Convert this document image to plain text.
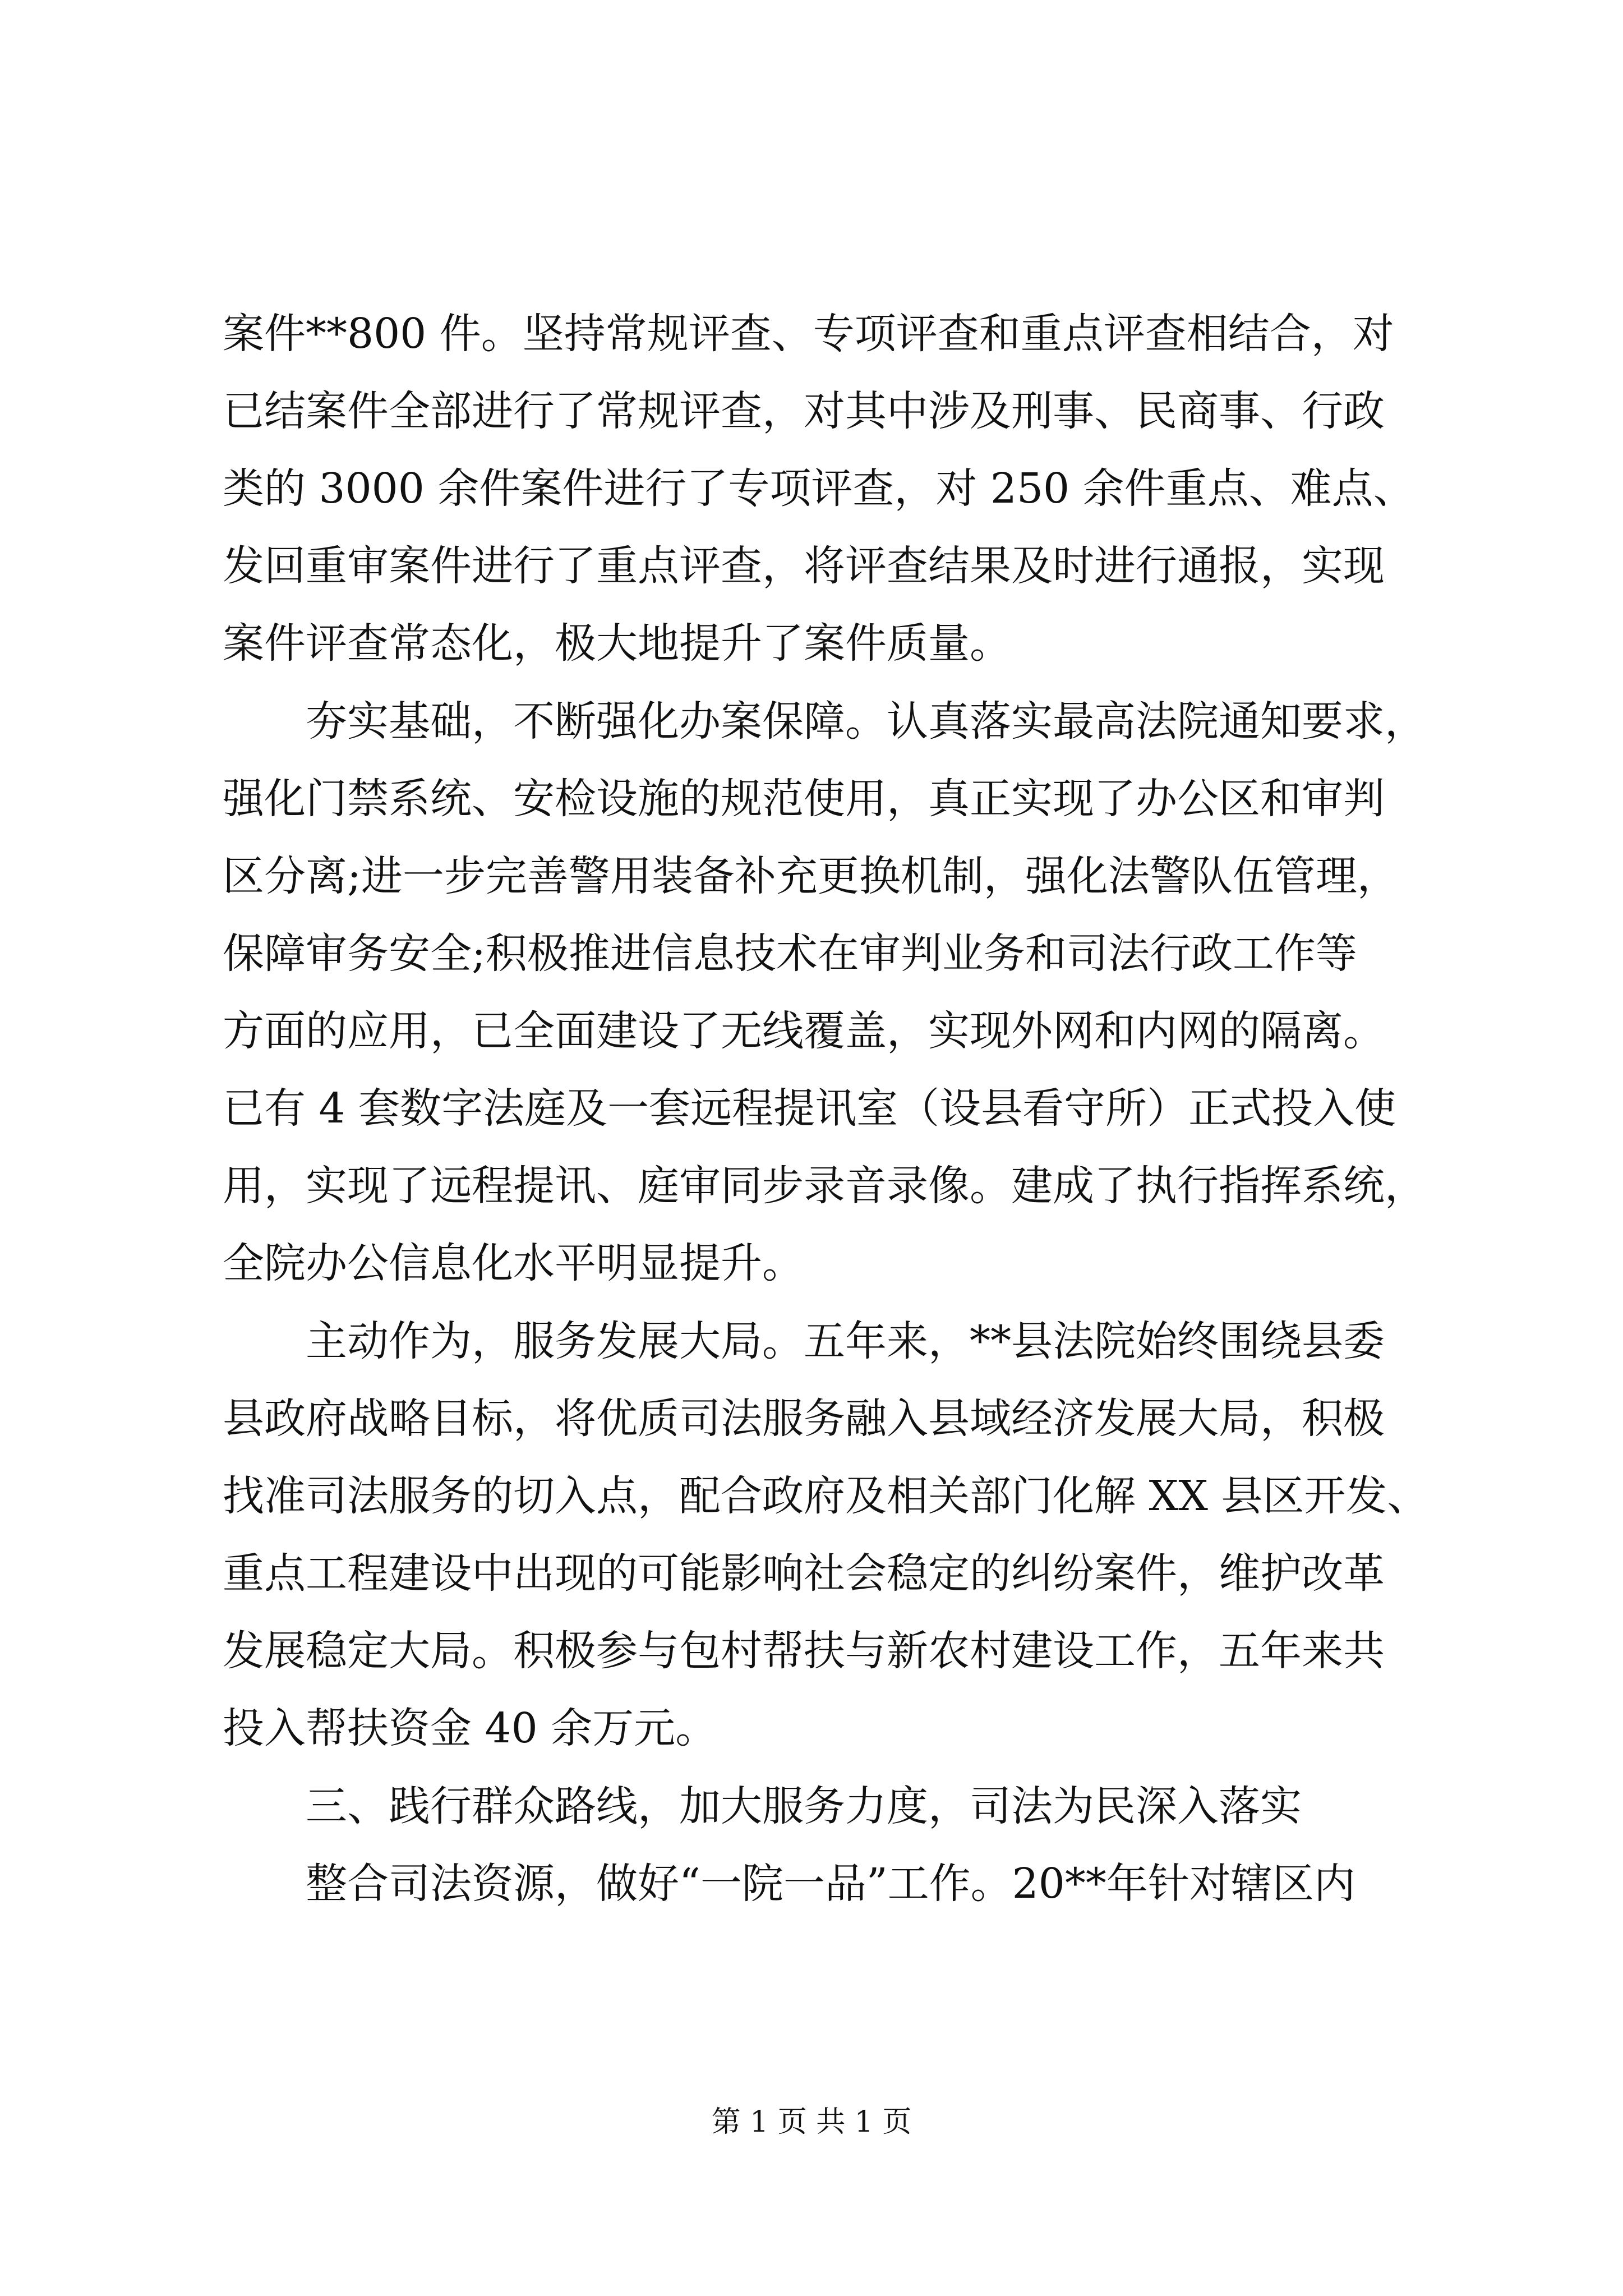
案件**800 件。坚持常规评查、专项评查和重点评查相结合，对
已结案件全部进行了常规评查，对其中涉及刑事、民商事、行政
类的 3000 余件案件进行了专项评查，对 250 余件重点、难点、
发回重审案件进行了重点评查，将评查结果及时进行通报，实现
案件评查常态化，极大地提升了案件质量。
夯实基础，不断强化办案保障。认真落实最高法院通知要求，
强化门禁系统、安检设施的规范使用，真正实现了办公区和审判
区分离;进一步完善警用装备补充更换机制，强化法警队伍管理，
保障审务安全;积极推进信息技术在审判业务和司法行政工作等
方面的应用，已全面建设了无线覆盖，实现外网和内网的隔离。
已有 4 套数字法庭及一套远程提讯室（设县看守所）正式投入使
用，实现了远程提讯、庭审同步录音录像。建成了执行指挥系统，
全院办公信息化水平明显提升。
主动作为，服务发展大局。五年来，**县法院始终围绕县委
县政府战略目标，将优质司法服务融入县域经济发展大局，积极
找准司法服务的切入点，配合政府及相关部门化解 XX 县区开发、
重点工程建设中出现的可能影响社会稳定的纠纷案件，维护改革
发展稳定大局。积极参与包村帮扶与新农村建设工作，五年来共
投入帮扶资金 40 余万元。
三、践行群众路线，加大服务力度，司法为民深入落实
整合司法资源，做好“一院一品”工作。20**年针对辖区内
第 1 页 共 1 页
